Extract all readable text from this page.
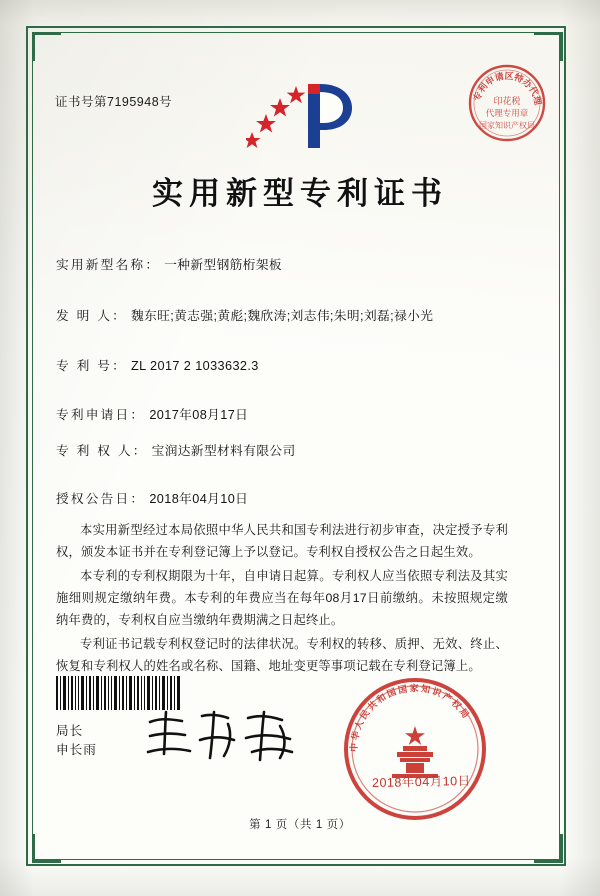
证书号第7195948号	专利申请区特办代理
印花税
代理专用章
国家知识产权局
实用新型专利证书
实用新型名称： 一种新型钢筋桁架板
发 明 人： 魏东旺;黄志强;黄彪;魏欣涛;刘志伟;朱明;刘磊;禄小光
专 利 号： ZL 2017 2 1033632.3
专利申请日： 2017年08月17日
专 利 权 人： 宝润达新型材料有限公司
授权公告日： 2018年04月10日
本实用新型经过本局依照中华人民共和国专利法进行初步审查，决定授予专利权，颁发本证书并在专利登记簿上予以登记。专利权自授权公告之日起生效。
本专利的专利权期限为十年，自申请日起算。专利权人应当依照专利法及其实施细则规定缴纳年费。本专利的年费应当在每年08月17日前缴纳。未按照规定缴纳年费的，专利权自应当缴纳年费期满之日起终止。
专利证书记载专利权登记时的法律状况。专利权的转移、质押、无效、终止、恢复和专利权人的姓名或名称、国籍、地址变更等事项记载在专利登记簿上。
局长
申长雨	中华人民共和国国家知识产权局
2018年04月10日
第 1 页（共 1 页）
